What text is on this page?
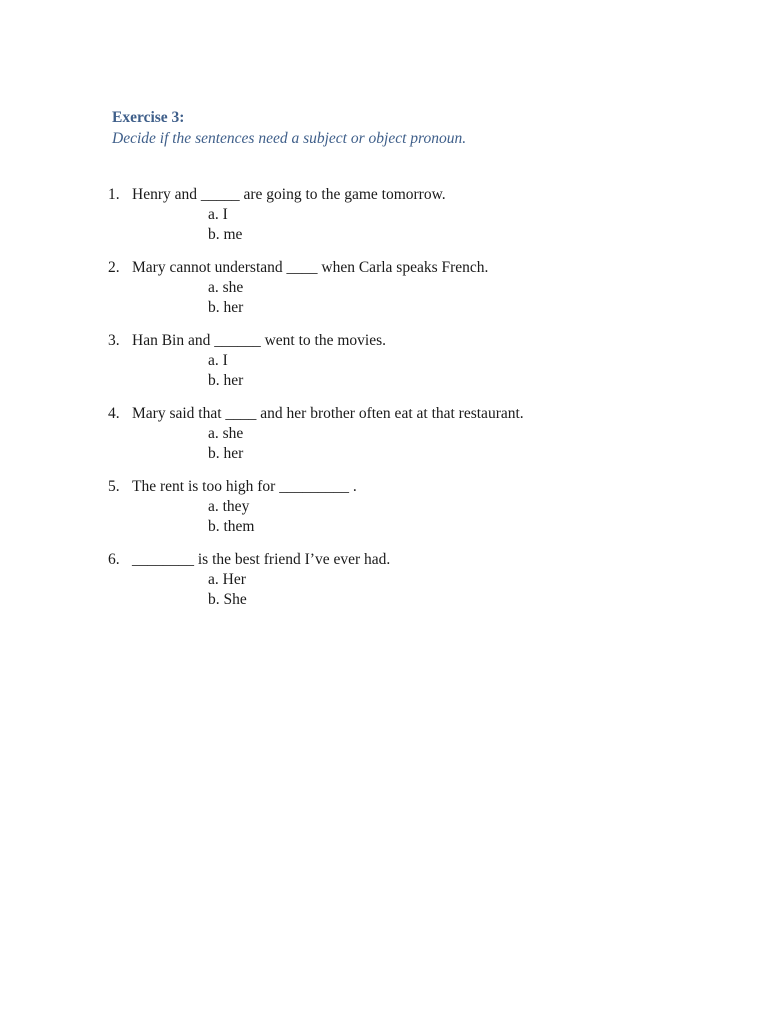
Exercise 3:
Decide if the sentences need a subject or object pronoun.
1. Henry and _____ are going to the game tomorrow.
a. I
b. me
2. Mary cannot understand ____ when Carla speaks French.
a. she
b. her
3. Han Bin and ______ went to the movies.
a. I
b. her
4. Mary said that ____ and her brother often eat at that restaurant.
a. she
b. her
5. The rent is too high for _________ .
a. they
b. them
6. ________ is the best friend I’ve ever had.
a. Her
b. She
